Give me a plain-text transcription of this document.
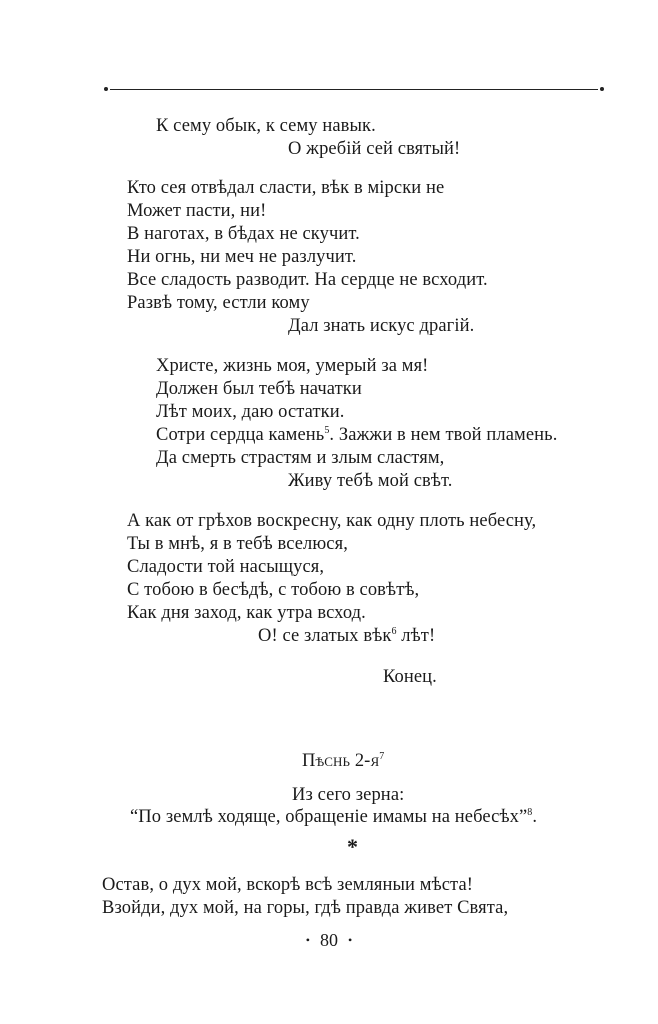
К сему обык, к сему навык.
О жребій сей святый!
Кто сея отвѣдал сласти, вѣк в мірски не
Может пасти, ни!
В наготах, в бѣдах не скучит.
Ни огнь, ни меч не разлучит.
Все сладость разводит. На сердце не всходит.
Развѣ тому, естли кому
Дал знать искус драгій.
Христе, жизнь моя, умерый за мя!
Должен был тебѣ начатки
Лѣт моих, даю остатки.
Сотри сердца камень$^5$. Зажжи в нем твой пламень.
Да смерть страстям и злым сластям,
Живу тебѣ мой свѣт.
А как от грѣхов воскресну, как одну плоть небесну,
Ты в мнѣ, я в тебѣ вселюся,
Сладости той насыщуся,
С тобою в бесѣдѣ, с тобою в совѣтѣ,
Как дня заход, как утра всход.
О! се златых вѣк$^6$ лѣт!
Конец.
Пѣснь $2-я^7$
Из сего зерна:
“По землѣ ходяще, обращеніе имамы на небесѣх”$^8$.
*
Остав, о дух мой, вскорѣ всѣ земляныи мѣста!
Взойди, дух мой, на горы, гдѣ правда живет Свята,
• 80 •
